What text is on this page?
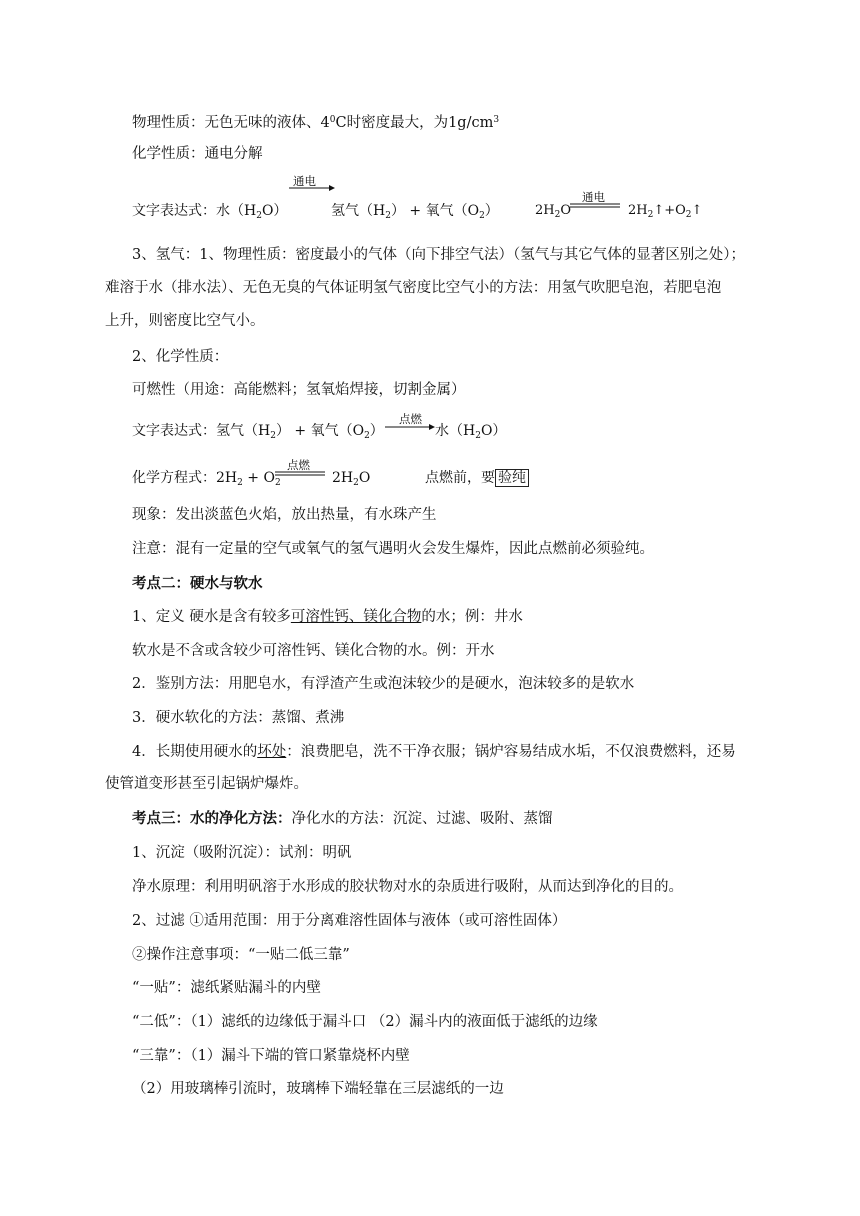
物理性质：无色无味的液体、$4^0C$时密度最大，为$1g/cm^3$
化学性质：通电分解
通电
文字表达式：水$(H_2O)$	氢气$(H_2)$ + 氧气$(O_2)$	$2H_2O$
通电
$2H_2↑+O_2↑$
3、氢气：1、物理性质：密度最小的气体（向下排空气法）（氢气与其它气体的显著区别之处）；
难溶于水（排水法）、无色无臭的气体证明氢气密度比空气小的方法：用氢气吹肥皂泡，若肥皂泡
上升，则密度比空气小。
2、化学性质：
可燃性（用途：高能燃料；氢氧焰焊接，切割金属）
文字表达式：氢气$(H_2)$ + 氧气$(O_2)$
点燃
水$(H_2O)$
化学方程式：$2H_2 + O_2$
点燃
$2H_2O$	点燃前，要 验纯
现象：发出淡蓝色火焰，放出热量，有水珠产生
注意：混有一定量的空气或氧气的氢气遇明火会发生爆炸，因此点燃前必须验纯。
考点二：硬水与软水
1、定义 硬水是含有较多可溶性钙、镁化合物的水；例：井水
软水是不含或含较少可溶性钙、镁化合物的水。例：开水
2．鉴别方法：用肥皂水，有浮渣产生或泡沫较少的是硬水，泡沫较多的是软水
3．硬水软化的方法：蒸馏、煮沸
4．长期使用硬水的坏处：浪费肥皂，洗不干净衣服；锅炉容易结成水垢，不仅浪费燃料，还易
使管道变形甚至引起锅炉爆炸。
考点三：水的净化方法：净化水的方法：沉淀、过滤、吸附、蒸馏
1、沉淀（吸附沉淀）：试剂：明矾
净水原理：利用明矾溶于水形成的胶状物对水的杂质进行吸附，从而达到净化的目的。
2、过滤 ①适用范围：用于分离难溶性固体与液体（或可溶性固体）
②操作注意事项：“一贴二低三靠”
“一贴”：滤纸紧贴漏斗的内壁
“二低”：（1）滤纸的边缘低于漏斗口 （2）漏斗内的液面低于滤纸的边缘
“三靠”：（1）漏斗下端的管口紧靠烧杯内壁
（2）用玻璃棒引流时，玻璃棒下端轻靠在三层滤纸的一边
